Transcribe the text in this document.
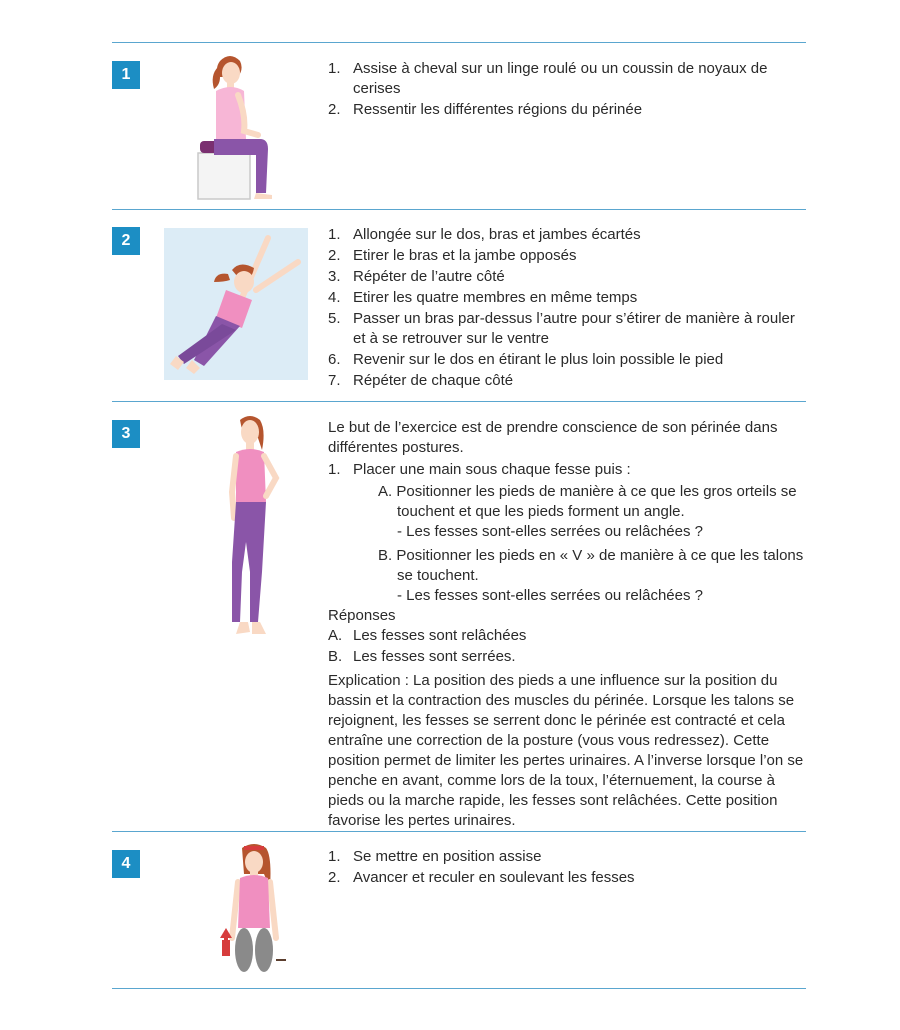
1	1. Assise à cheval sur un linge roulé ou un coussin de noyaux de cerises
2. Ressentir les différentes régions du périnée
2	1. Allongée sur le dos, bras et jambes écartés
2. Etirer le bras et la jambe opposés
3. Répéter de l’autre côté
4. Etirer les quatre membres en même temps
5. Passer un bras par-dessus l’autre pour s’étirer de manière à rouler et à se retrouver sur le ventre
6. Revenir sur le dos en étirant le plus loin possible le pied
7. Répéter de chaque côté
3	Le but de l’exercice est de prendre conscience de son périnée dans différentes postures.

1. Placer une main sous chaque fesse puis :

A. Positionner les pieds de manière à ce que les gros orteils se touchent et que les pieds forment un angle.

- Les fesses sont-elles serrées ou relâchées ?

B. Positionner les pieds en « V » de manière à ce que les talons se touchent.

- Les fesses sont-elles serrées ou relâchées ?

Réponses

A. Les fesses sont relâchées
B. Les fesses sont serrées.

Explication : La position des pieds a une influence sur la position du bassin et la contraction des muscles du périnée. Lorsque les talons se rejoignent, les fesses se serrent donc le périnée est contracté et cela entraîne une correction de la posture (vous vous redressez). Cette position permet de limiter les pertes urinaires. A l’inverse lorsque l’on se penche en avant, comme lors de la toux, l’éternuement, la course à pieds ou la marche rapide, les fesses sont relâchées. Cette position favorise les pertes urinaires.

4	1. Se mettre en position assise
2. Avancer et reculer en soulevant les fesses
